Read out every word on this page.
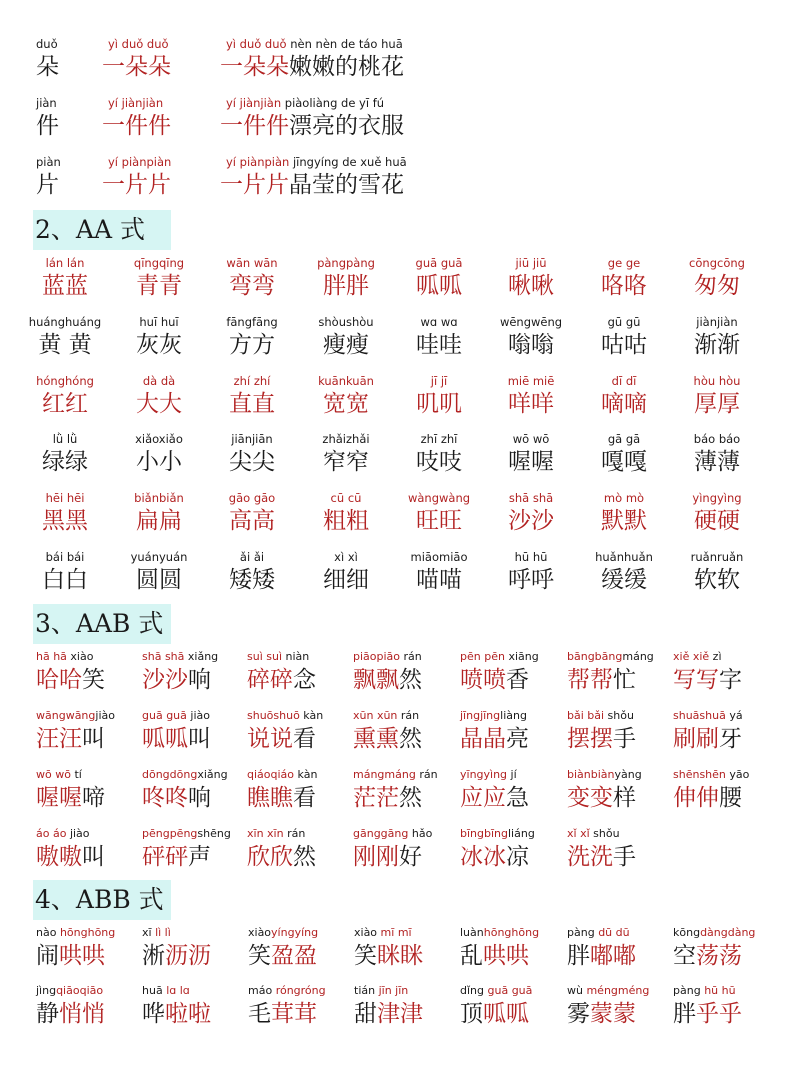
2、AA 式
3、AAB 式
4、ABB 式
duǒ
朵
yì duǒ duǒ
一朵朵
yì duǒ duǒ nèn nèn de táo huā
一朵朵嫩嫩的桃花
jiàn
件
yí jiànjiàn
一件件
yí jiànjiàn piàoliàng de yī fú
一件件漂亮的衣服
piàn
片
yí piànpiàn
一片片
yí piànpiàn jīngyíng de xuě huā
一片片晶莹的雪花
lán lán
蓝蓝
qīngqīng
青青
wān wān
弯弯
pàngpàng
胖胖
guā guā
呱呱
jiū jiū
啾啾
ge ge
咯咯
cōngcōng
匆匆
huánghuáng
黄 黄
huī huī
灰灰
fāngfāng
方方
shòushòu
瘦瘦
wɑ wɑ
哇哇
wēngwēng
嗡嗡
gū gū
咕咕
jiànjiàn
渐渐
hónghóng
红红
dà dà
大大
zhí zhí
直直
kuānkuān
宽宽
jī jī
叽叽
miē miē
咩咩
dī dī
嘀嘀
hòu hòu
厚厚
lǜ lǜ
绿绿
xiǎoxiǎo
小小
jiānjiān
尖尖
zhǎizhǎi
窄窄
zhī zhī
吱吱
wō wō
喔喔
gā gā
嘎嘎
báo báo
薄薄
hēi hēi
黑黑
biǎnbiǎn
扁扁
gāo gāo
高高
cū cū
粗粗
wàngwàng
旺旺
shā shā
沙沙
mò mò
默默
yìngyìng
硬硬
bái bái
白白
yuányuán
圆圆
ǎi ǎi
矮矮
xì xì
细细
miāomiāo
喵喵
hū hū
呼呼
huǎnhuǎn
缓缓
ruǎnruǎn
软软
hā hā xiào
哈哈笑
shā shā xiǎng
沙沙响
suì suì niàn
碎碎念
piāopiāo rán
飘飘然
pēn pēn xiāng
喷喷香
bāngbāngmáng
帮帮忙
xiě xiě zì
写写字
wāngwāngjiào
汪汪叫
guā guā jiào
呱呱叫
shuōshuō kàn
说说看
xūn xūn rán
熏熏然
jīngjīngliàng
晶晶亮
bǎi bǎi shǒu
摆摆手
shuāshuā yá
刷刷牙
wō wō tí
喔喔啼
dōngdōngxiǎng
咚咚响
qiáoqiáo kàn
瞧瞧看
mángmáng rán
茫茫然
yīngyìng jí
应应急
biànbiànyàng
变变样
shēnshēn yāo
伸伸腰
áo áo jiào
嗷嗷叫
pēngpēngshēng
砰砰声
xīn xīn rán
欣欣然
gānggāng hǎo
刚刚好
bīngbīngliáng
冰冰凉
xǐ xǐ shǒu
洗洗手
nào hōnghōng
闹哄哄
xī lì lì
淅沥沥
xiàoyíngyíng
笑盈盈
xiào mī mī
笑眯眯
luànhōnghōng
乱哄哄
pàng dū dū
胖嘟嘟
kōngdàngdàng
空荡荡
jìngqiāoqiāo
静悄悄
huā lɑ lɑ
哗啦啦
máo róngróng
毛茸茸
tián jīn jīn
甜津津
dǐng guā guā
顶呱呱
wù méngméng
雾蒙蒙
pàng hū hū
胖乎乎
